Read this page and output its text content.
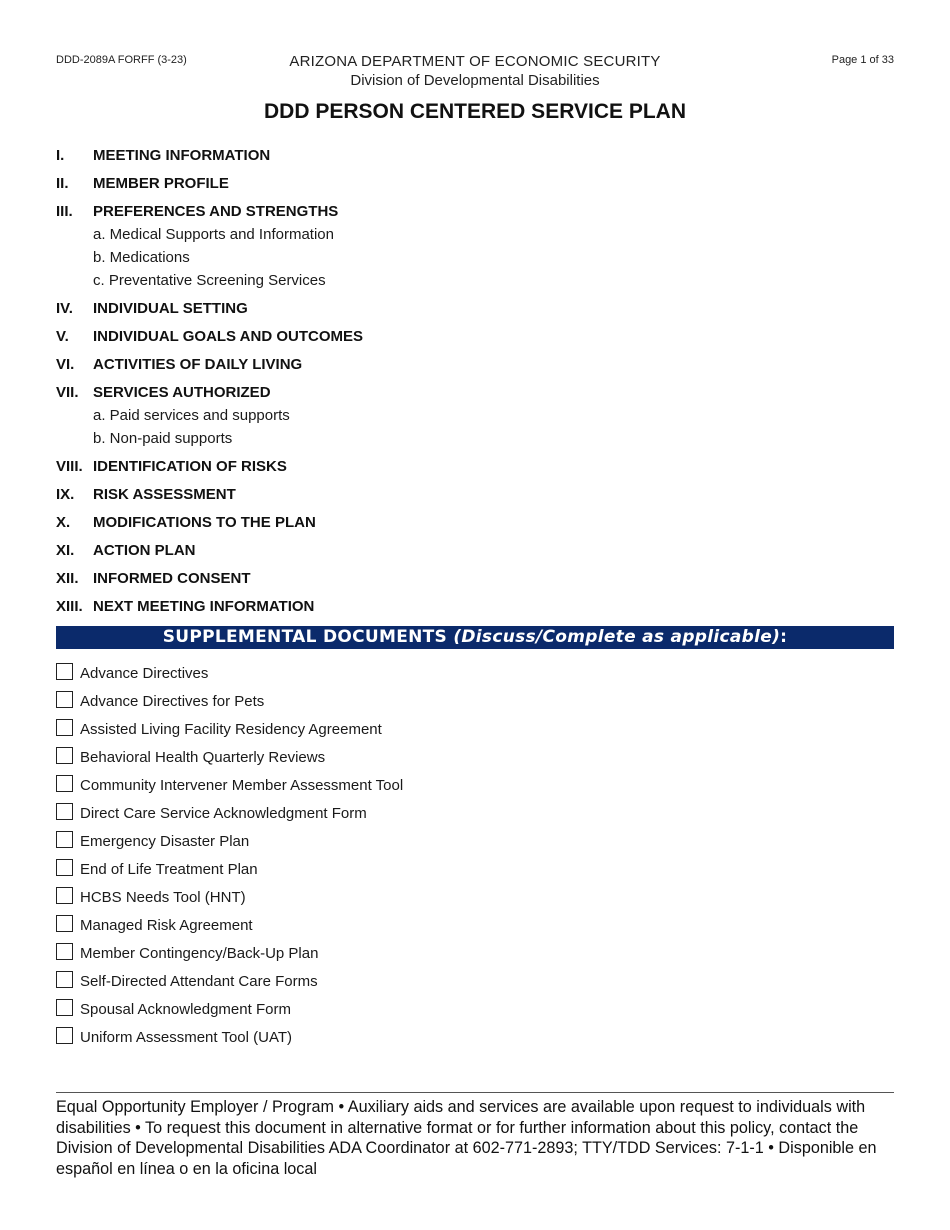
DDD-2089A FORFF (3-23)	ARIZONA DEPARTMENT OF ECONOMIC SECURITY
Division of Developmental Disabilities
Page 1 of 33
DDD PERSON CENTERED SERVICE PLAN
I.	MEETING INFORMATION
II.	MEMBER PROFILE
III.	PREFERENCES AND STRENGTHS
a. Medical Supports and Information
b. Medications
c. Preventative Screening Services
IV.	INDIVIDUAL SETTING
V.	INDIVIDUAL GOALS AND OUTCOMES
VI.	ACTIVITIES OF DAILY LIVING
VII. SERVICES AUTHORIZED
a. Paid services and supports
b. Non-paid supports
VIII. IDENTIFICATION OF RISKS
IX.	RISK ASSESSMENT
X.	MODIFICATIONS TO THE PLAN
XI.	ACTION PLAN
XII. INFORMED CONSENT
XIII. NEXT MEETING INFORMATION
SUPPLEMENTAL DOCUMENTS (Discuss/Complete as applicable):
Advance Directives
Advance Directives for Pets
Assisted Living Facility Residency Agreement
Behavioral Health Quarterly Reviews
Community Intervener Member Assessment Tool
Direct Care Service Acknowledgment Form
Emergency Disaster Plan
End of Life Treatment Plan
HCBS Needs Tool (HNT)
Managed Risk Agreement
Member Contingency/Back-Up Plan
Self-Directed Attendant Care Forms
Spousal Acknowledgment Form
Uniform Assessment Tool (UAT)
Equal Opportunity Employer / Program • Auxiliary aids and services are available upon request to individuals with disabilities • To request this document in alternative format or for further information about this policy, contact the Division of Developmental Disabilities ADA Coordinator at 602-771-2893; TTY/TDD Services: 7-1-1 • Disponible en español en línea o en la oficina local
